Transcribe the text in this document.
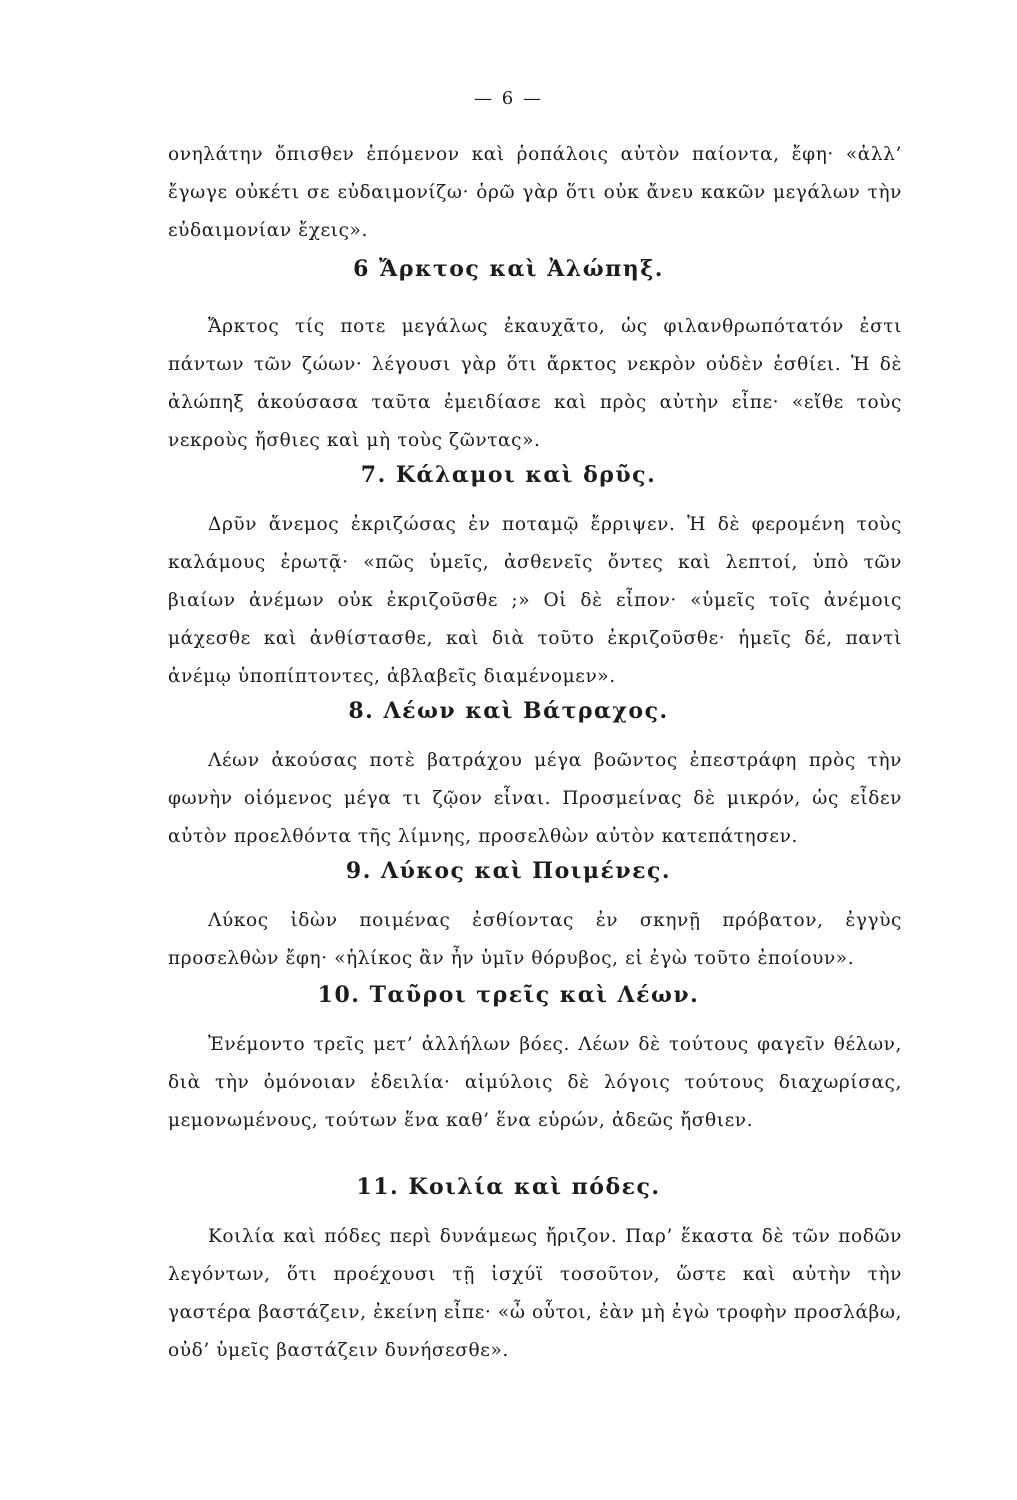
— 6 —

ονηλάτην ὄπισθεν ἑπόμενον καὶ ῥοπάλοις αὐτὸν παίοντα, ἔφη· «ἀλλ’ ἔγωγε οὐκέτι σε εὐδαιμονίζω· ὁρῶ γὰρ ὅτι οὐκ ἄνευ κακῶν μεγάλων τὴν εὐδαιμονίαν ἔχεις».

6 Ἄρκτος καὶ Ἀλώπηξ.

Ἄρκτος τίς ποτε μεγάλως ἐκαυχᾶτο, ὡς φιλανθρωπότατόν ἐστι πάντων τῶν ζώων· λέγουσι γὰρ ὅτι ἄρκτος νεκρὸν οὐδὲν ἐσθίει. Ἡ δὲ ἀλώπηξ ἀκούσασα ταῦτα ἐμειδίασε καὶ πρὸς αὐτὴν εἶπε· «εἴθε τοὺς νεκροὺς ἤσθιες καὶ μὴ τοὺς ζῶντας».

7. Κάλαμοι καὶ δρῦς.

Δρῦν ἄνεμος ἐκριζώσας ἐν ποταμῷ ἔρριψεν. Ἡ δὲ φερομένη τοὺς καλάμους ἐρωτᾷ· «πῶς ὑμεῖς, ἀσθενεῖς ὄντες καὶ λεπτοί, ὑπὸ τῶν βιαίων ἀνέμων οὐκ ἐκριζοῦσθε ;» Οἱ δὲ εἶπον· «ὑμεῖς τοῖς ἀνέμοις μάχεσθε καὶ ἀνθίστασθε, καὶ διὰ τοῦτο ἐκριζοῦσθε· ἡμεῖς δέ, παντὶ ἀνέμῳ ὑποπίπτοντες, ἀβλαβεῖς διαμένομεν».

8. Λέων καὶ Βάτραχος.

Λέων ἀκούσας ποτὲ βατράχου μέγα βοῶντος ἐπεστράφη πρὸς τὴν φωνὴν οἰόμενος μέγα τι ζῷον εἶναι. Προσμείνας δὲ μικρόν, ὡς εἶδεν αὐτὸν προελθόντα τῆς λίμνης, προσελθὼν αὐτὸν κατεπάτησεν.

9. Λύκος καὶ Ποιμένες.

Λύκος ἰδὼν ποιμένας ἐσθίοντας ἐν σκηνῇ πρόβατον, ἐγγὺς προσελθὼν ἔφη· «ἡλίκος ἂν ἦν ὑμῖν θόρυβος, εἰ ἐγὼ τοῦτο ἐποίουν».

10. Ταῦροι τρεῖς καὶ Λέων.

Ἐνέμοντο τρεῖς μετ’ ἀλλήλων βόες. Λέων δὲ τούτους φαγεῖν θέλων, διὰ τὴν ὁμόνοιαν ἐδειλία· αἱμύλοις δὲ λόγοις τούτους διαχωρίσας, μεμονωμένους, τούτων ἕνα καθ’ ἕνα εὑρών, ἀδεῶς ἤσθιεν.

11. Κοιλία καὶ πόδες.

Κοιλία καὶ πόδες περὶ δυνάμεως ἤριζον. Παρ’ ἕκαστα δὲ τῶν ποδῶν λεγόντων, ὅτι προέχουσι τῇ ἰσχύϊ τοσοῦτον, ὥστε καὶ αὐτὴν τὴν γαστέρα βαστάζειν, ἐκείνη εἶπε· «ὦ οὗτοι, ἐὰν μὴ ἐγὼ τροφὴν προσλάβω, οὐδ’ ὑμεῖς βαστάζειν δυνήσεσθε».
